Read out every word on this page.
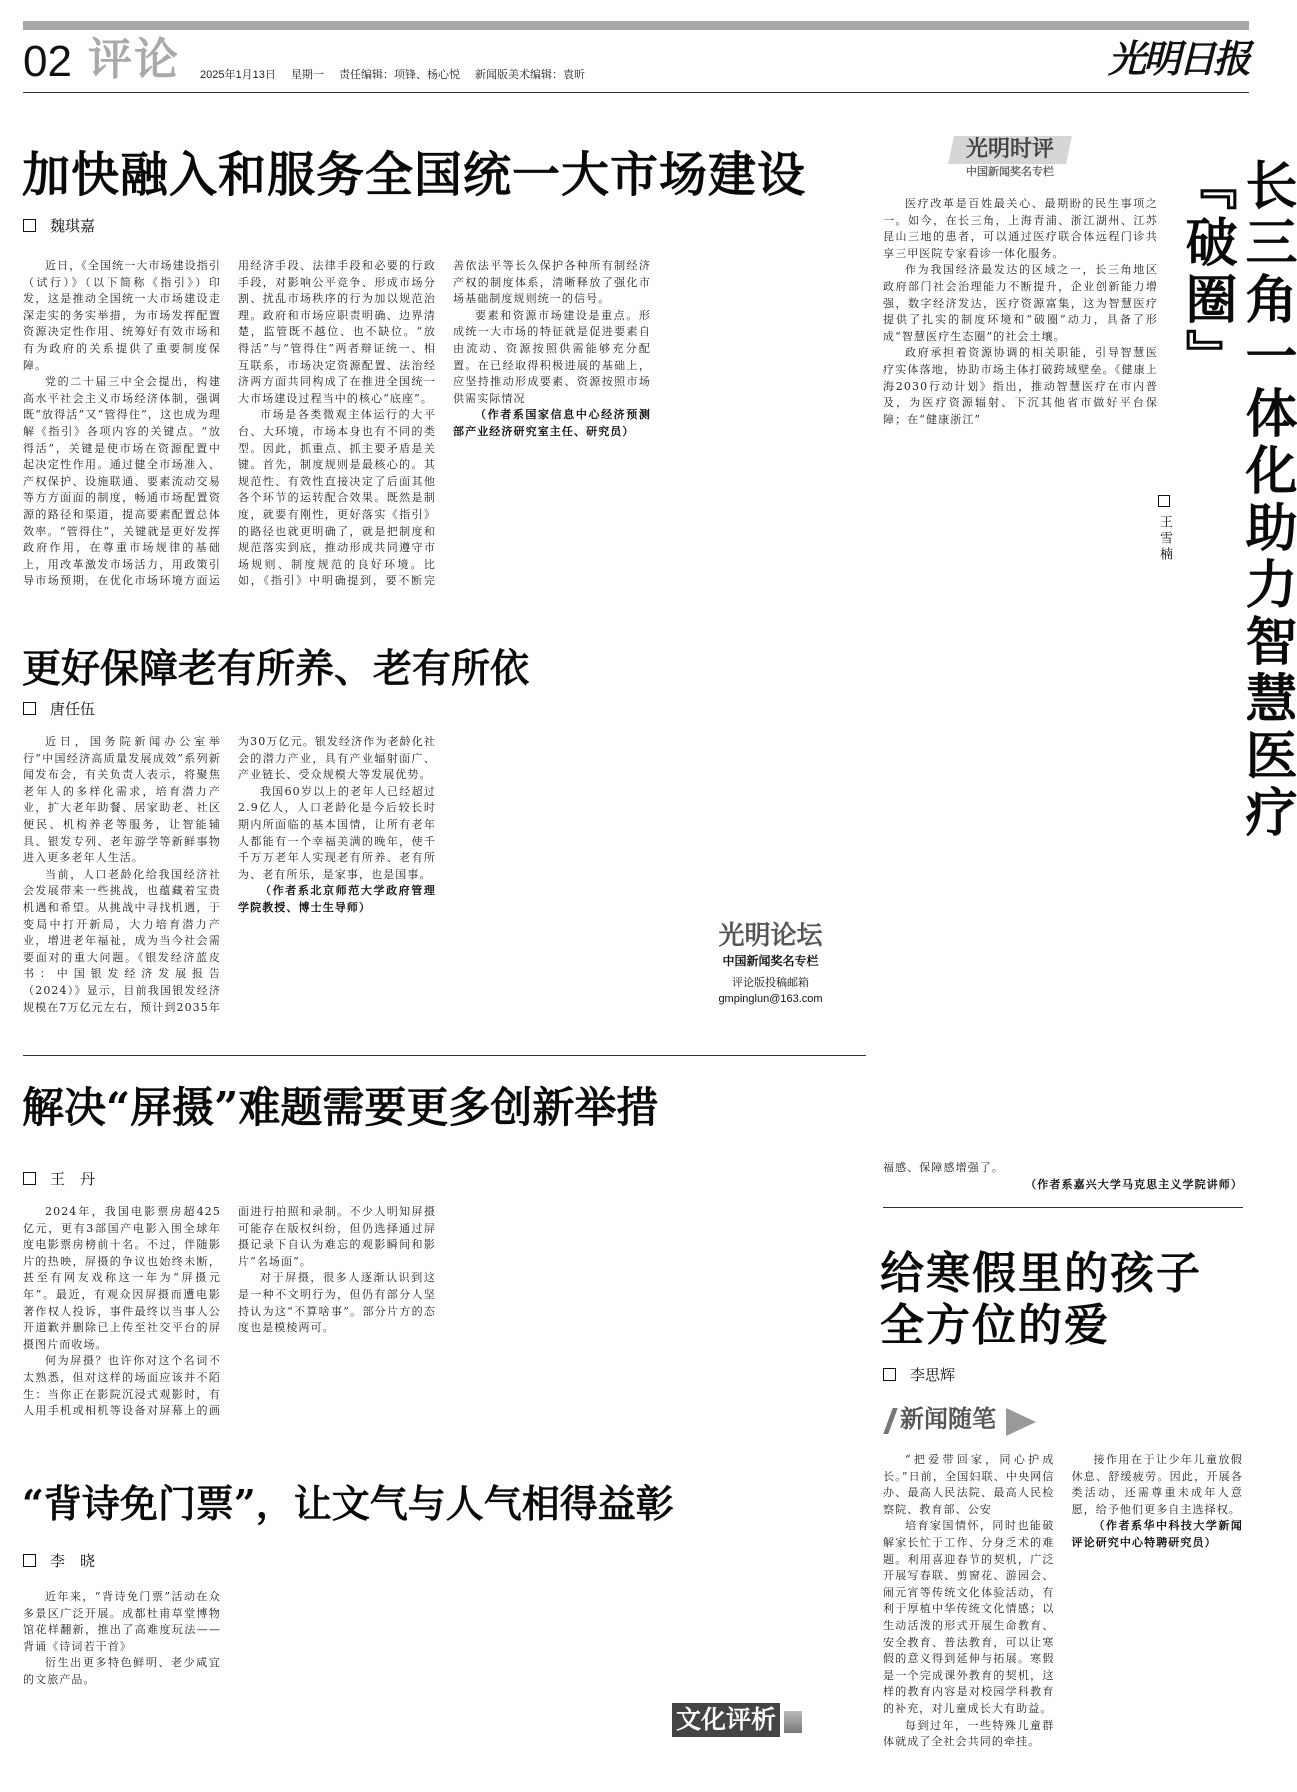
02 评论 2025年1月13日 星期一 责任编辑：项锋、杨心悦 新闻版美术编辑：袁昕	光明日报
加快融入和服务全国统一大市场建设
魏琪嘉

近日，《全国统一大市场建设指引（试行）》（以下简称《指引》）印发，这是推动全国统一大市场建设走深走实的务实举措，为市场发挥配置资源决定性作用、统筹好有效市场和有为政府的关系提供了重要制度保障。

党的二十届三中全会提出，构建高水平社会主义市场经济体制，强调既“放得活”又“管得住”，这也成为理解《指引》各项内容的关键点。“放得活”，关键是使市场在资源配置中起决定性作用。通过健全市场准入、产权保护、设施联通、要素流动交易等方方面面的制度，畅通市场配置资源的路径和渠道，提高要素配置总体效率。“管得住”，关键就是更好发挥政府作用，在尊重市场规律的基础上，用改革激发市场活力，用政策引导市场预期，在优化市场环境方面运用经济手段、法律手段和必要的行政手段，对影响公平竞争、形成市场分割、扰乱市场秩序的行为加以规范治理。政府和市场应职责明确、边界清楚，监管既不越位、也不缺位。“放得活”与“管得住”两者辩证统一、相互联系，市场决定资源配置、法治经济两方面共同构成了在推进全国统一大市场建设过程当中的核心“底座”。

市场是各类微观主体运行的大平台、大环境，市场本身也有不同的类型。因此，抓重点、抓主要矛盾是关键。首先，制度规则是最核心的。其规范性、有效性直接决定了后面其他各个环节的运转配合效果。既然是制度，就要有刚性，更好落实《指引》的路径也就更明确了，就是把制度和规范落实到底，推动形成共同遵守市场规则、制度规范的良好环境。比如，《指引》中明确提到，要不断完善依法平等长久保护各种所有制经济产权的制度体系，清晰释放了强化市场基础制度规则统一的信号。

要素和资源市场建设是重点。形成统一大市场的特征就是促进要素自由流动、资源按照供需能够充分配置。在已经取得积极进展的基础上，应坚持推动形成要素、资源按照市场供需实际情况

（作者系国家信息中心经济预测部产业经济研究室主任、研究员）

光明时评
中国新闻奖名专栏

医疗改革是百姓最关心、最期盼的民生事项之一。如今，在长三角，上海青浦、浙江湖州、江苏昆山三地的患者，可以通过医疗联合体远程门诊共享三甲医院专家看诊一体化服务。

作为我国经济最发达的区域之一，长三角地区政府部门社会治理能力不断提升，企业创新能力增强，数字经济发达，医疗资源富集，这为智慧医疗提供了扎实的制度环境和“破圈”动力，具备了形成“智慧医疗生态圈”的社会土壤。

政府承担着资源协调的相关职能，引导智慧医疗实体落地，协助市场主体打破跨域壁垒。《健康上海2030行动计划》指出，推动智慧医疗在市内普及，为医疗资源辐射、下沉其他省市做好平台保障；在“健康浙江”	长三角一体化助力智慧医疗『破圈』
王雪楠

福感、保障感增强了。

（作者系嘉兴大学马克思主义学院讲师）

给寒假里的孩子
全方位的爱
李思辉
新闻随笔

“把爱带回家，同心护成长。”日前，全国妇联、中央网信办、最高人民法院、最高人民检察院、教育部、公安

培育家国情怀，同时也能破解家长忙于工作、分身乏术的难题。利用喜迎春节的契机，广泛开展写春联、剪窗花、游园会、闹元宵等传统文化体验活动，有利于厚植中华传统文化情感；以生动活泼的形式开展生命教育、安全教育、普法教育，可以让寒假的意义得到延伸与拓展。寒假是一个完成课外教育的契机，这样的教育内容是对校园学科教育的补充，对儿童成长大有助益。

每到过年，一些特殊儿童群体就成了全社会共同的牵挂。

接作用在于让少年儿童放假休息、舒缓疲劳。因此，开展各类活动，还需尊重未成年人意愿，给予他们更多自主选择权。

（作者系华中科技大学新闻评论研究中心特聘研究员）

更好保障老有所养、老有所依
唐任伍

近日，国务院新闻办公室举行“中国经济高质量发展成效”系列新闻发布会，有关负责人表示，将聚焦老年人的多样化需求，培育潜力产业，扩大老年助餐、居家助老、社区便民、机构养老等服务，让智能辅具、银发专列、老年游学等新鲜事物进入更多老年人生活。

当前，人口老龄化给我国经济社会发展带来一些挑战，也蕴藏着宝贵机遇和希望。从挑战中寻找机遇，于变局中打开新局，大力培育潜力产业，增进老年福祉，成为当今社会需要面对的重大问题。《银发经济蓝皮书：中国银发经济发展报告（2024）》显示，目前我国银发经济规模在7万亿元左右，预计到2035年为30万亿元。银发经济作为老龄化社会的潜力产业，具有产业辐射面广、产业链长、受众规模大等发展优势。

我国60岁以上的老年人已经超过2.9亿人，人口老龄化是今后较长时期内所面临的基本国情，让所有老年人都能有一个幸福美满的晚年，使千千万万老年人实现老有所养、老有所为、老有所乐，是家事，也是国事。

（作者系北京师范大学政府管理学院教授、博士生导师）

光明论坛
中国新闻奖名专栏
评论版投稿邮箱
gmpinglun@163.com
解决“屏摄”难题需要更多创新举措
王　丹

2024年，我国电影票房超425亿元，更有3部国产电影入围全球年度电影票房榜前十名。不过，伴随影片的热映，屏摄的争议也始终未断，甚至有网友戏称这一年为“屏摄元年”。最近，有观众因屏摄而遭电影著作权人投诉，事件最终以当事人公开道歉并删除已上传至社交平台的屏摄图片而收场。

何为屏摄？也许你对这个名词不太熟悉，但对这样的场面应该并不陌生：当你正在影院沉浸式观影时，有人用手机或相机等设备对屏幕上的画面进行拍照和录制。不少人明知屏摄可能存在版权纠纷，但仍选择通过屏摄记录下自认为难忘的观影瞬间和影片“名场面”。

对于屏摄，很多人逐渐认识到这是一种不文明行为，但仍有部分人坚持认为这“不算啥事”。部分片方的态度也是模棱两可。

“背诗免门票”，让文气与人气相得益彰
李　晓

近年来，“背诗免门票”活动在众多景区广泛开展。成都杜甫草堂博物馆花样翻新，推出了高难度玩法——背诵《诗词若干首》

衍生出更多特色鲜明、老少咸宜的文旅产品。

文化评析
